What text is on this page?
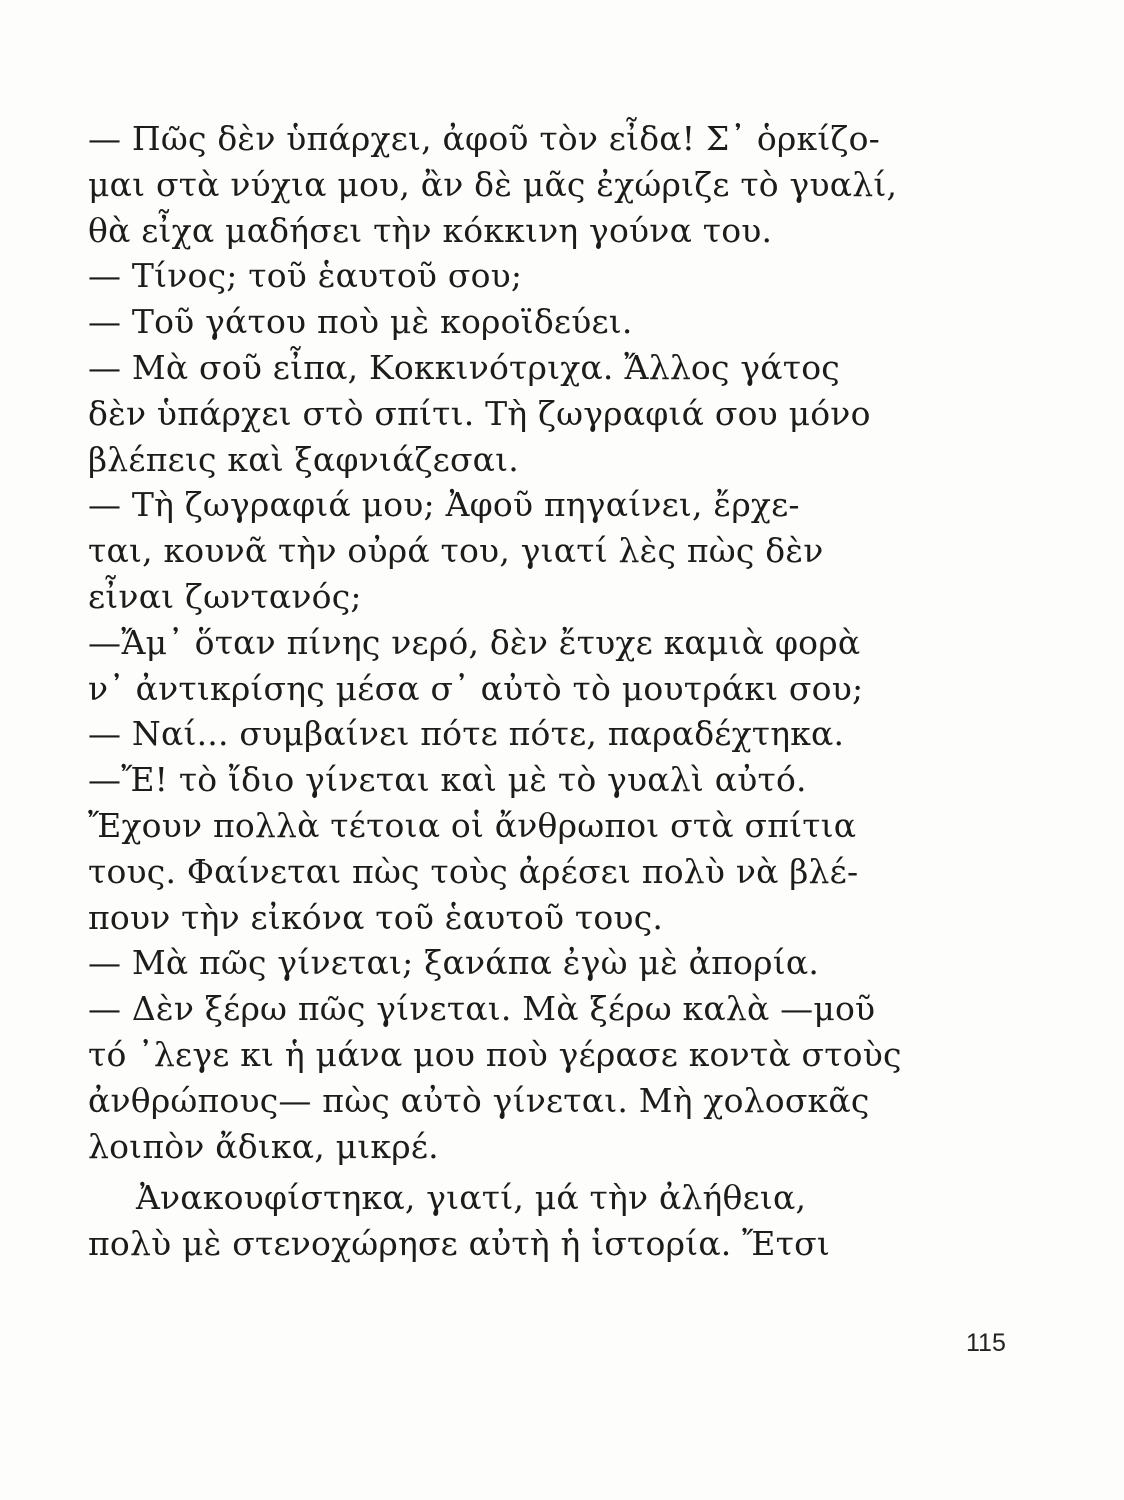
— Πῶς δὲν ὑπάρχει, ἀφοῦ τὸν εἶδα! Σ᾽ ὁρκίζο-
μαι στὰ νύχια μου, ἂν δὲ μᾶς ἐχώριζε τὸ γυαλί,
θὰ εἶχα μαδήσει τὴν κόκκινη γούνα του.
— Τίνος; τοῦ ἑαυτοῦ σου;
— Τοῦ γάτου ποὺ μὲ κοροϊδεύει.
— Μὰ σοῦ εἶπα, Κοκκινότριχα. Ἄλλος γάτος
δὲν ὑπάρχει στὸ σπίτι. Τὴ ζωγραφιά σου μόνο
βλέπεις καὶ ξαφνιάζεσαι.
— Τὴ ζωγραφιά μου; Ἀφοῦ πηγαίνει, ἔρχε-
ται, κουνᾶ τὴν οὐρά του, γιατί λὲς πὼς δὲν
εἶναι ζωντανός;
—Ἄμ᾽ ὅταν πίνης νερό, δὲν ἔτυχε καμιὰ φορὰ
ν᾽ ἀντικρίσης μέσα σ᾽ αὐτὸ τὸ μουτράκι σου;
— Ναί... συμβαίνει πότε πότε, παραδέχτηκα.
—Ἔ! τὸ ἴδιο γίνεται καὶ μὲ τὸ γυαλὶ αὐτό.
Ἔχουν πολλὰ τέτοια οἱ ἄνθρωποι στὰ σπίτια
τους. Φαίνεται πὼς τοὺς ἀρέσει πολὺ νὰ βλέ-
πουν τὴν εἰκόνα τοῦ ἑαυτοῦ τους.
— Μὰ πῶς γίνεται; ξανάπα ἐγὼ μὲ ἀπορία.
— Δὲν ξέρω πῶς γίνεται. Μὰ ξέρω καλὰ —μοῦ
τό ᾽λεγε κι ἡ μάνα μου ποὺ γέρασε κοντὰ στοὺς
ἀνθρώπους— πὼς αὐτὸ γίνεται. Μὴ χολοσκᾶς
λοιπὸν ἄδικα, μικρέ.
Ἀνακουφίστηκα, γιατί, μά τὴν ἀλήθεια,
πολὺ μὲ στενοχώρησε αὐτὴ ἡ ἱστορία. Ἔτσι
115
